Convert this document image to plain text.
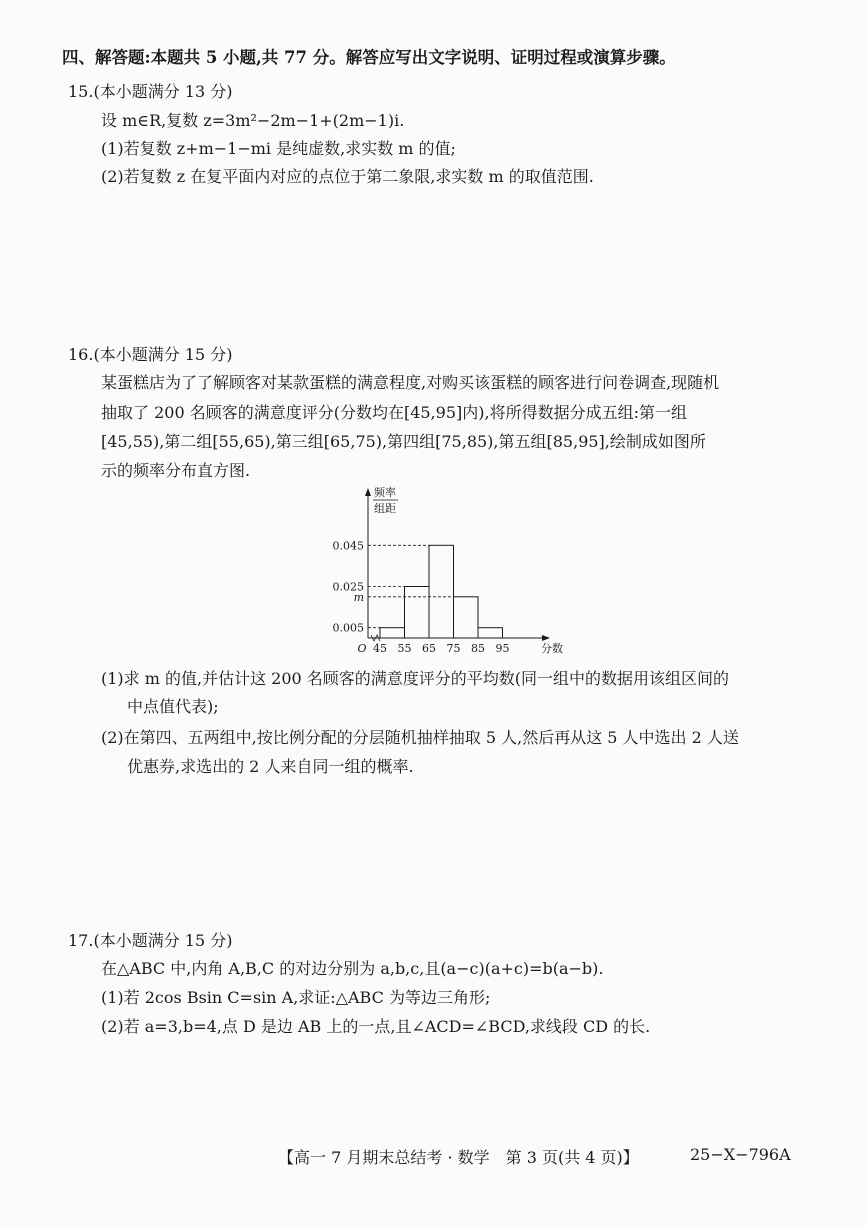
四、解答题:本题共 5 小题,共 77 分。解答应写出文字说明、证明过程或演算步骤。
15.(本小题满分 13 分)
设 m∈R,复数 z=3m²−2m−1+(2m−1)i.
(1)若复数 z+m−1−mi 是纯虚数,求实数 m 的值;
(2)若复数 z 在复平面内对应的点位于第二象限,求实数 m 的取值范围.
16.(本小题满分 15 分)
某蛋糕店为了了解顾客对某款蛋糕的满意程度,对购买该蛋糕的顾客进行问卷调查,现随机
抽取了 200 名顾客的满意度评分(分数均在[45,95]内),将所得数据分成五组:第一组
[45,55),第二组[55,65),第三组[65,75),第四组[75,85),第五组[85,95],绘制成如图所
示的频率分布直方图.
频率
组距
0.045
0.025
m
0.005
45 55 65 75 85 95	分数
O
(1)求 m 的值,并估计这 200 名顾客的满意度评分的平均数(同一组中的数据用该组区间的
中点值代表);
(2)在第四、五两组中,按比例分配的分层随机抽样抽取 5 人,然后再从这 5 人中选出 2 人送
优惠券,求选出的 2 人来自同一组的概率.
17.(本小题满分 15 分)
在△ABC 中,内角 A,B,C 的对边分别为 a,b,c,且(a−c)(a+c)=b(a−b).
(1)若 2cos Bsin C=sin A,求证:△ABC 为等边三角形;
(2)若 a=3,b=4,点 D 是边 AB 上的一点,且∠ACD=∠BCD,求线段 CD 的长.
【高一 7 月期末总结考 · 数学　第 3 页(共 4 页)】	25−X−796A
